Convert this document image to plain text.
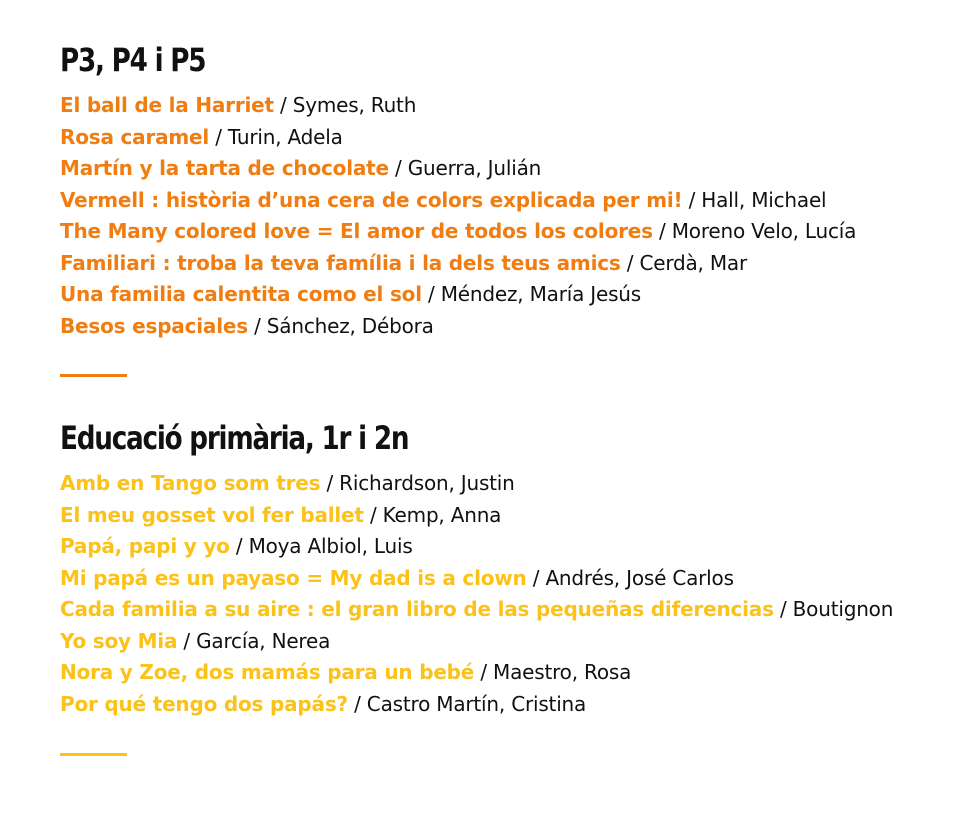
P3, P4 i P5
El ball de la Harriet / Symes, Ruth
Rosa caramel / Turin, Adela
Martín y la tarta de chocolate / Guerra, Julián
Vermell : història d’una cera de colors explicada per mi! / Hall, Michael
The Many colored love = El amor de todos los colores / Moreno Velo, Lucía
Familiari : troba la teva família i la dels teus amics / Cerdà, Mar
Una familia calentita como el sol / Méndez, María Jesús
Besos espaciales / Sánchez, Débora
Educació primària, 1r i 2n
Amb en Tango som tres / Richardson, Justin
El meu gosset vol fer ballet / Kemp, Anna
Papá, papi y yo / Moya Albiol, Luis
Mi papá es un payaso = My dad is a clown / Andrés, José Carlos
Cada familia a su aire : el gran libro de las pequeñas diferencias / Boutignon
Yo soy Mia / García, Nerea
Nora y Zoe, dos mamás para un bebé / Maestro, Rosa
Por qué tengo dos papás? / Castro Martín, Cristina
